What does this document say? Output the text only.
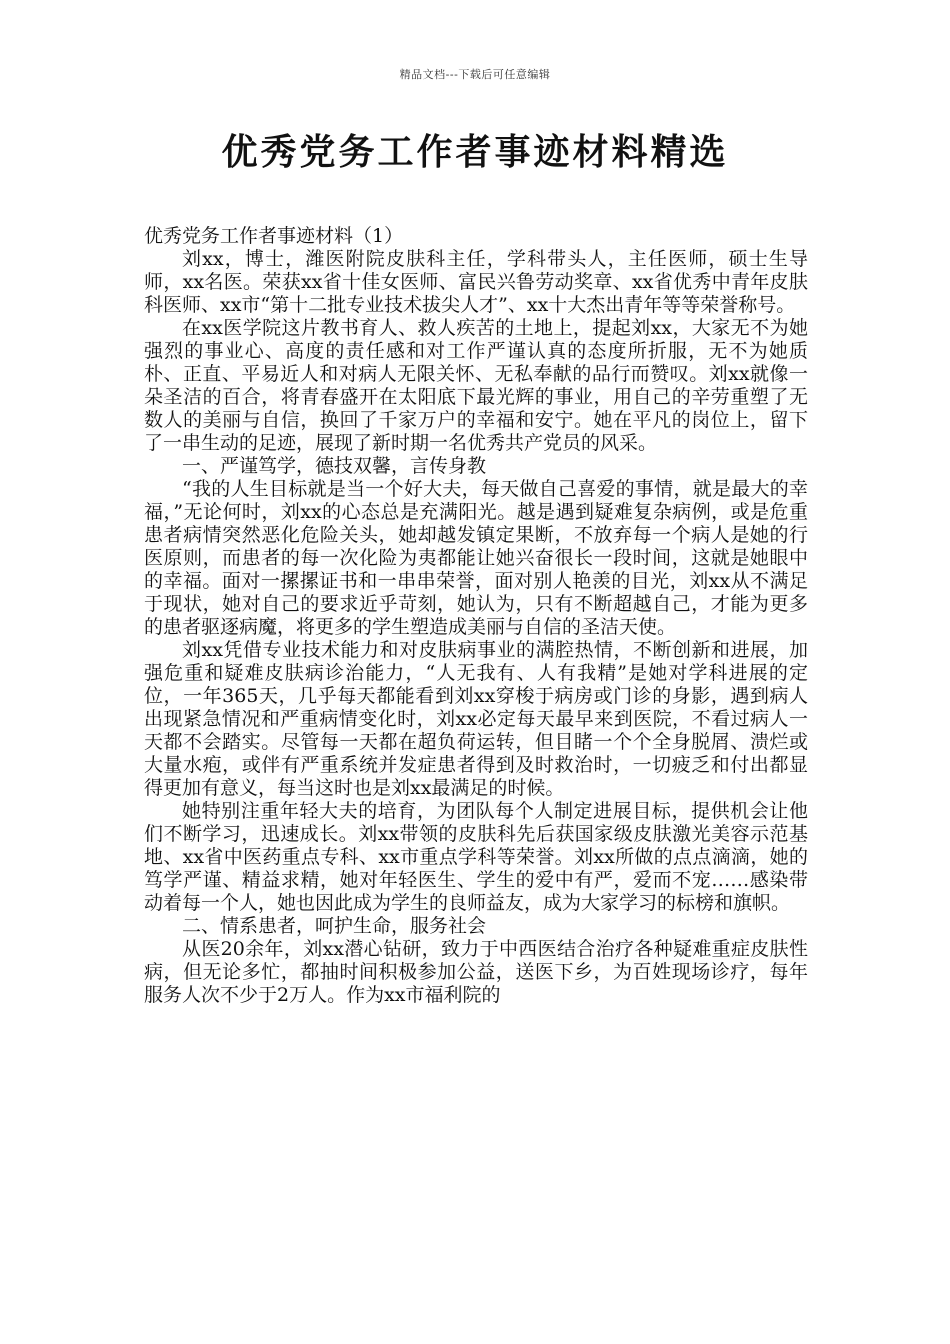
精品文档---下载后可任意编辑
优秀党务工作者事迹材料精选

优秀党务工作者事迹材料（1）

刘xx，博士，潍医附院皮肤科主任，学科带头人，主任医师，硕士生导师，xx名医。荣获xx省十佳女医师、富民兴鲁劳动奖章、xx省优秀中青年皮肤科医师、xx市“第十二批专业技术拔尖人才”、xx十大杰出青年等等荣誉称号。

在xx医学院这片教书育人、救人疾苦的土地上，提起刘xx，大家无不为她强烈的事业心、高度的责任感和对工作严谨认真的态度所折服，无不为她质朴、正直、平易近人和对病人无限关怀、无私奉献的品行而赞叹。刘xx就像一朵圣洁的百合，将青春盛开在太阳底下最光辉的事业，用自己的辛劳重塑了无数人的美丽与自信，换回了千家万户的幸福和安宁。她在平凡的岗位上，留下了一串生动的足迹，展现了新时期一名优秀共产党员的风采。

一、严谨笃学，德技双馨，言传身教

“我的人生目标就是当一个好大夫，每天做自己喜爱的事情，就是最大的幸福，”无论何时，刘xx的心态总是充满阳光。越是遇到疑难复杂病例，或是危重患者病情突然恶化危险关头，她却越发镇定果断，不放弃每一个病人是她的行医原则，而患者的每一次化险为夷都能让她兴奋很长一段时间，这就是她眼中的幸福。面对一摞摞证书和一串串荣誉，面对别人艳羡的目光，刘xx从不满足于现状，她对自己的要求近乎苛刻，她认为，只有不断超越自己，才能为更多的患者驱逐病魔，将更多的学生塑造成美丽与自信的圣洁天使。

刘xx凭借专业技术能力和对皮肤病事业的满腔热情，不断创新和进展，加强危重和疑难皮肤病诊治能力，“人无我有、人有我精”是她对学科进展的定位，一年365天，几乎每天都能看到刘xx穿梭于病房或门诊的身影，遇到病人出现紧急情况和严重病情变化时，刘xx必定每天最早来到医院，不看过病人一天都不会踏实。尽管每一天都在超负荷运转，但目睹一个个全身脱屑、溃烂或大量水疱，或伴有严重系统并发症患者得到及时救治时，一切疲乏和付出都显得更加有意义，每当这时也是刘xx最满足的时候。

她特别注重年轻大夫的培育，为团队每个人制定进展目标，提供机会让他们不断学习，迅速成长。刘xx带领的皮肤科先后获国家级皮肤激光美容示范基地、xx省中医药重点专科、xx市重点学科等荣誉。刘xx所做的点点滴滴，她的笃学严谨、精益求精，她对年轻医生、学生的爱中有严，爱而不宠……感染带动着每一个人，她也因此成为学生的良师益友，成为大家学习的标榜和旗帜。

二、情系患者，呵护生命，服务社会

从医20余年，刘xx潜心钻研，致力于中西医结合治疗各种疑难重症皮肤性病，但无论多忙，都抽时间积极参加公益，送医下乡，为百姓现场诊疗，每年服务人次不少于2万人。作为xx市福利院的
